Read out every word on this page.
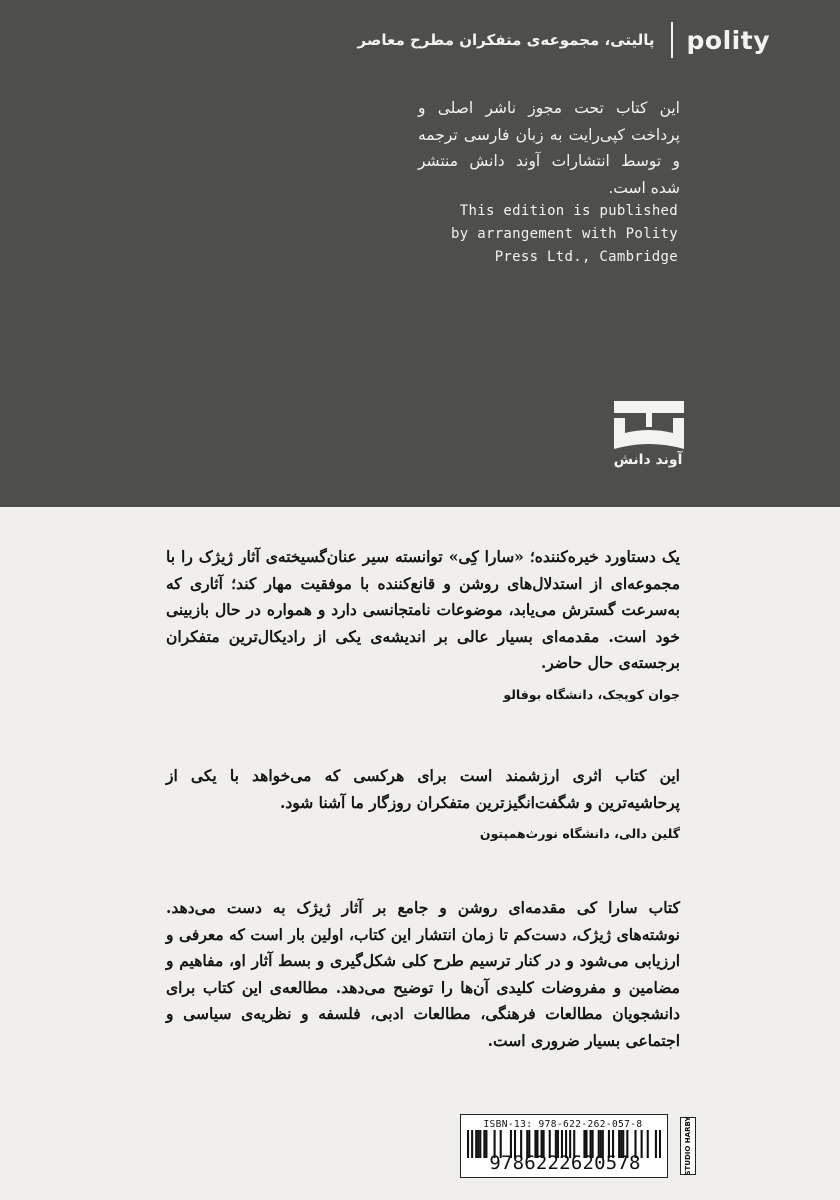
پالیتی، مجموعه‌ی متفکران مطرح معاصر polity
این کتاب تحت مجوز ناشر اصلی و پرداخت کپی‌رایت به زبان فارسی ترجمه و توسط انتشارات آوند دانش منتشر شده است.
This edition is published
by arrangement with Polity
Press Ltd., Cambridge
آوند دانش

یک دستاورد خیره‌کننده؛ «سارا کِی» توانسته سیر عنان‌گسیخته‌ی آثار ژیژک را با مجموعه‌ای از استدلال‌های روشن و قانع‌کننده با موفقیت مهار کند؛ آثاری که به‌سرعت گسترش می‌یابد، موضوعات نامتجانسی دارد و همواره در حال بازبینی خود است. مقدمه‌ای بسیار عالی بر اندیشه‌ی یکی از رادیکال‌ترین متفکران برجسته‌ی حال حاضر.

جوان کوپجک، دانشگاه بوفالو

این کتاب اثری ارزشمند است برای هرکسی که می‌خواهد با یکی از پرحاشیه‌ترین و شگفت‌انگیزترین متفکران روزگار ما آشنا شود.

گلین دالی، دانشگاه نورث‌همپتون

کتاب سارا کی مقدمه‌ای روشن و جامع بر آثار ژیژک به دست می‌دهد. نوشته‌های ژیژک، دست‌کم تا زمان انتشار این کتاب، اولین بار است که معرفی و ارزیابی می‌شود و در کنار ترسیم طرح کلی شکل‌گیری و بسط آثار او، مفاهیم و مضامین و مفروضات کلیدی آن‌ها را توضیح می‌دهد. مطالعه‌ی این کتاب برای دانشجویان مطالعات فرهنگی، مطالعات ادبی، فلسفه و نظریه‌ی سیاسی و اجتماعی بسیار ضروری است.

ISBN-13: 978-622-262-057-8
9786222620578	STUDIO HARBY
